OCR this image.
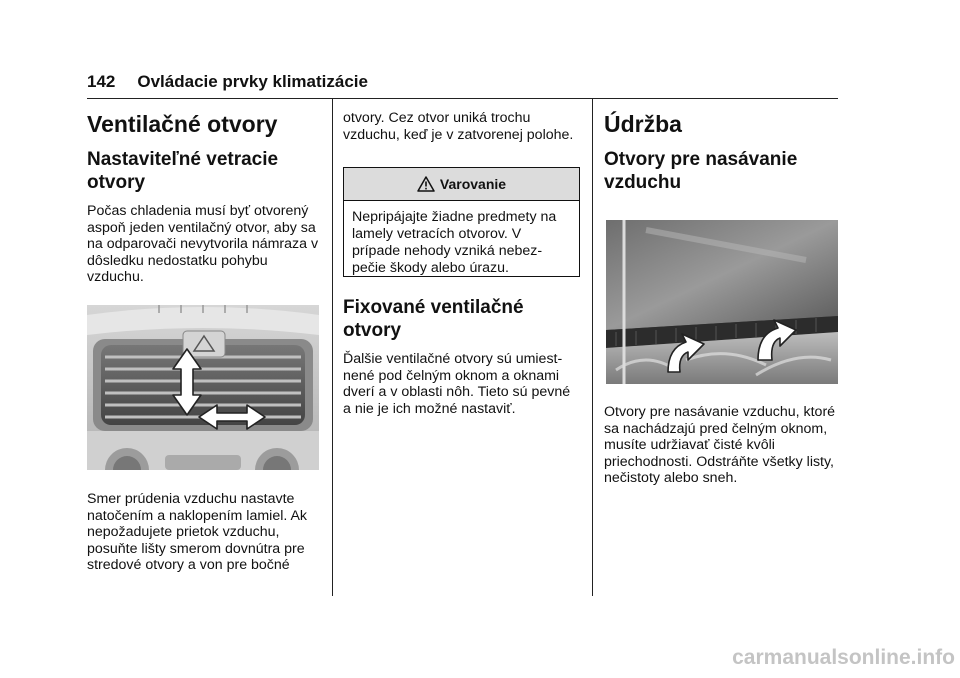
142 Ovládacie prvky klimatizácie
Ventilačné otvory
Nastaviteľné vetracie otvory

Počas chladenia musí byť otvorený aspoň jeden ventilačný otvor, aby sa na odparovači nevytvorila námraza v dôsledku nedostatku pohybu vzduchu.

Smer prúdenia vzduchu nastavte natočením a naklopením lamiel. Ak nepožadujete prietok vzduchu, posuňte lišty smerom dovnútra pre stredové otvory a von pre bočné

otvory. Cez otvor uniká trochu vzduchu, keď je v zatvorenej polohe.

Varovanie
Nepripájajte žiadne predmety na lamely vetracích otvorov. V prípade nehody vzniká nebez-pečie škody alebo úrazu.
Fixované ventilačné otvory

Ďalšie ventilačné otvory sú umiest-nené pod čelným oknom a oknami dverí a v oblasti nôh. Tieto sú pevné a nie je ich možné nastaviť.

Údržba
Otvory pre nasávanie vzduchu

Otvory pre nasávanie vzduchu, ktoré sa nachádzajú pred čelným oknom, musíte udržiavať čisté kvôli priechodnosti. Odstráňte všetky listy, nečistoty alebo sneh.

carmanualsonline.info
